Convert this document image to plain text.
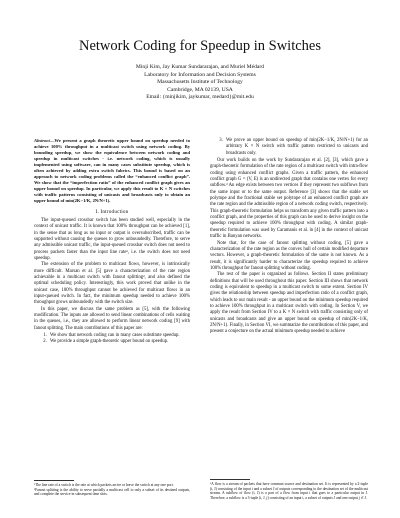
Network Coding for Speedup in Switches
Minji Kim, Jay Kumar Sundararajan, and Muriel Médard
Laboratory for Information and Decision Systems
Massachusetts Institute of Technology
Cambridge, MA 02139, USA
Email: {minjikim, jaykumar, medard}@mit.edu

Abstract—We present a graph theoretic upper bound on speedup needed to achieve 100% throughput in a multicast switch using network coding. By bounding speedup, we show the equivalence between network coding and speedup in multicast switches - i.e. network coding, which is usually implemented using software, can in many cases substitute speedup, which is often achieved by adding extra switch fabrics. This bound is based on an approach to network coding problems called the “enhanced conflict graph”. We show that the “imperfection ratio” of the enhanced conflict graph gives an upper bound on speedup. In particular, we apply this result to K × N switches with traffic patterns consisting of unicasts and broadcasts only to obtain an upper bound of min(2K−1/K, 2N/N+1).

I. Introduction

The input-queued crossbar switch has been studied well, especially in the context of unicast traffic. It is known that 100% throughput can be achieved [1], in the sense that as long as no input or output is oversubscribed, traffic can be supported without causing the queues to grow unboundedly. Therefore, to serve any admissible unicast traffic, the input-queued crossbar switch does not need to process packets faster than the input line rate¹, i.e. the switch does not need speedup.

The extension of the problem to multicast flows, however, is intrinsically more difficult. Marsan et al. [5] gave a characterization of the rate region achievable in a multicast switch with fanout splitting², and also defined the optimal scheduling policy. Interestingly, this work proved that unlike in the unicast case, 100% throughput cannot be achieved for multicast flows in an input-queued switch. In fact, the minimum speedup needed to achieve 100% throughput grows unboundedly with the switch size.

In this paper, we discuss the same problem as [5], with the following modification. The inputs are allowed to send linear combinations of cells waiting in the queues, i.e., they are allowed to perform linear network coding [9] with fanout splitting. The main contributions of this paper are:

1. We show that network coding can in many cases substitute speedup.
2. We provide a simple graph-theoretic upper bound on speedup.
¹The line rate of a switch is the rate at which packets arrive or leave the switch at any one port.
²Fanout splitting is the ability to serve partially a multicast cell to only a subset of its destined outputs, and complete the service in subsequent time slots.
3. We prove an upper bound on speedup of min(2K−1/K, 2N/N+1) for an arbitrary K × N switch with traffic pattern restricted to unicasts and broadcasts only.

Our work builds on the work by Sundararajan et al. [2], [3], which gave a graph-theoretic formulation of the rate region of a multicast switch with intra-flow coding using enhanced conflict graphs. Given a traffic pattern, the enhanced conflict graph G = (V, E) is an undirected graph that contains one vertex for every subflow.³ An edge exists between two vertices if they represent two subflows from the same input or to the same output. Reference [3] shows that the stable set polytope and the fractional stable set polytope of an enhanced conflict graph are the rate region and the admissible region of a network coding switch, respectively. This graph-theoretic formulation helps us transform any given traffic pattern into a conflict graph, and the properties of this graph can be used to derive insight on the speedup required to achieve 100% throughput with coding. A similar graph-theoretic formulation was used by Caramanis et al. in [4] in the context of unicast traffic in Banyan networks.

Note that, for the case of fanout splitting without coding, [5] gave a characterization of the rate region as the convex hull of certain modified departure vectors. However, a graph-theoretic formulation of the same is not known. As a result, it is significantly harder to characterize the speedup required to achieve 100% throughput for fanout splitting without coding.

The rest of the paper is organized as follows. Section II states preliminary definitions that will be used throughout this paper. Section III shows that network coding is equivalent to speedup in a multicast switch to some extent. Section IV gives the relationship between speedup and imperfection ratio of a conflict graph, which leads to our main result - an upper bound on the minimum speedup required to achieve 100% throughput in a multicast switch with coding. In Section V, we apply the result from Section IV to a K × N switch with traffic consisting only of unicasts and broadcasts and give an upper bound on speedup of min(2K−1/K, 2N/N+1). Finally, in Section VI, we summarize the contributions of this paper, and present a conjecture on the actual minimum speedup needed to achieve

³A flow is a stream of packets that have common source and destination set. It is represented by a 2-tuple (i, J) consisting of the input i and a subset J of outputs corresponding to the destination set of the multicast stream. A subflow of flow (i, J) is a part of a flow from input i that goes to a particular output in J. Therefore, a subflow is a 3-tuple (i, J, j) consisting of an input i, a subset of outputs J and one output j ∈ J.
